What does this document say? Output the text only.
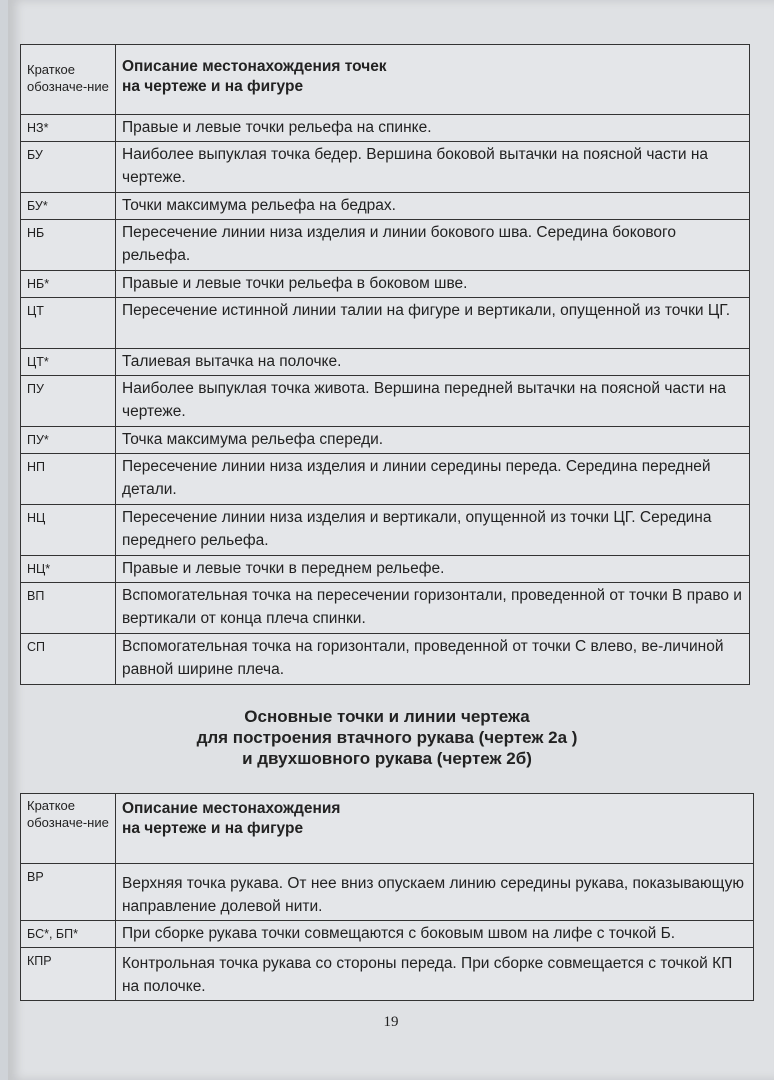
Краткое обозначе-ние	Описание местонахождения точек
на чертеже и на фигуре

НЗ*	Правые и левые точки рельефа на спинке.
БУ	Наиболее выпуклая точка бедер. Вершина боковой вытачки на поясной части на чертеже.
БУ*	Точки максимума рельефа на бедрах.
НБ	Пересечение линии низа изделия и линии бокового шва. Середина бокового рельефа.
НБ*	Правые и левые точки рельефа в боковом шве.
ЦТ	Пересечение истинной линии талии на фигуре и вертикали, опущенной из точки ЦГ.
ЦТ*	Талиевая вытачка на полочке.
ПУ	Наиболее выпуклая точка живота. Вершина передней вытачки на поясной части на чертеже.
ПУ*	Точка максимума рельефа спереди.
НП	Пересечение линии низа изделия и линии середины переда. Середина передней детали.
НЦ	Пересечение линии низа изделия и вертикали, опущенной из точки ЦГ. Середина переднего рельефа.
НЦ*	Правые и левые точки в переднем рельефе.
ВП	Вспомогательная точка на пересечении горизонтали, проведенной от точки В право и вертикали от конца плеча спинки.
СП	Вспомогательная точка на горизонтали, проведенной от точки С влево, ве-личиной равной ширине плеча.
Основные точки и линии чертежа
для построения втачного рукава (чертеж 2а )
и двухшовного рукава (чертеж 2б)
Краткое обозначе-ние	Описание местонахождения
на чертеже и на фигуре

ВР	Верхняя точка рукава. От нее вниз опускаем линию середины рукава, показывающую направление долевой нити.
БС*, БП*	При сборке рукава точки совмещаются с боковым швом на лифе с точкой Б.
КПР	Контрольная точка рукава со стороны переда. При сборке совмещается с точкой КП на полочке.
19
